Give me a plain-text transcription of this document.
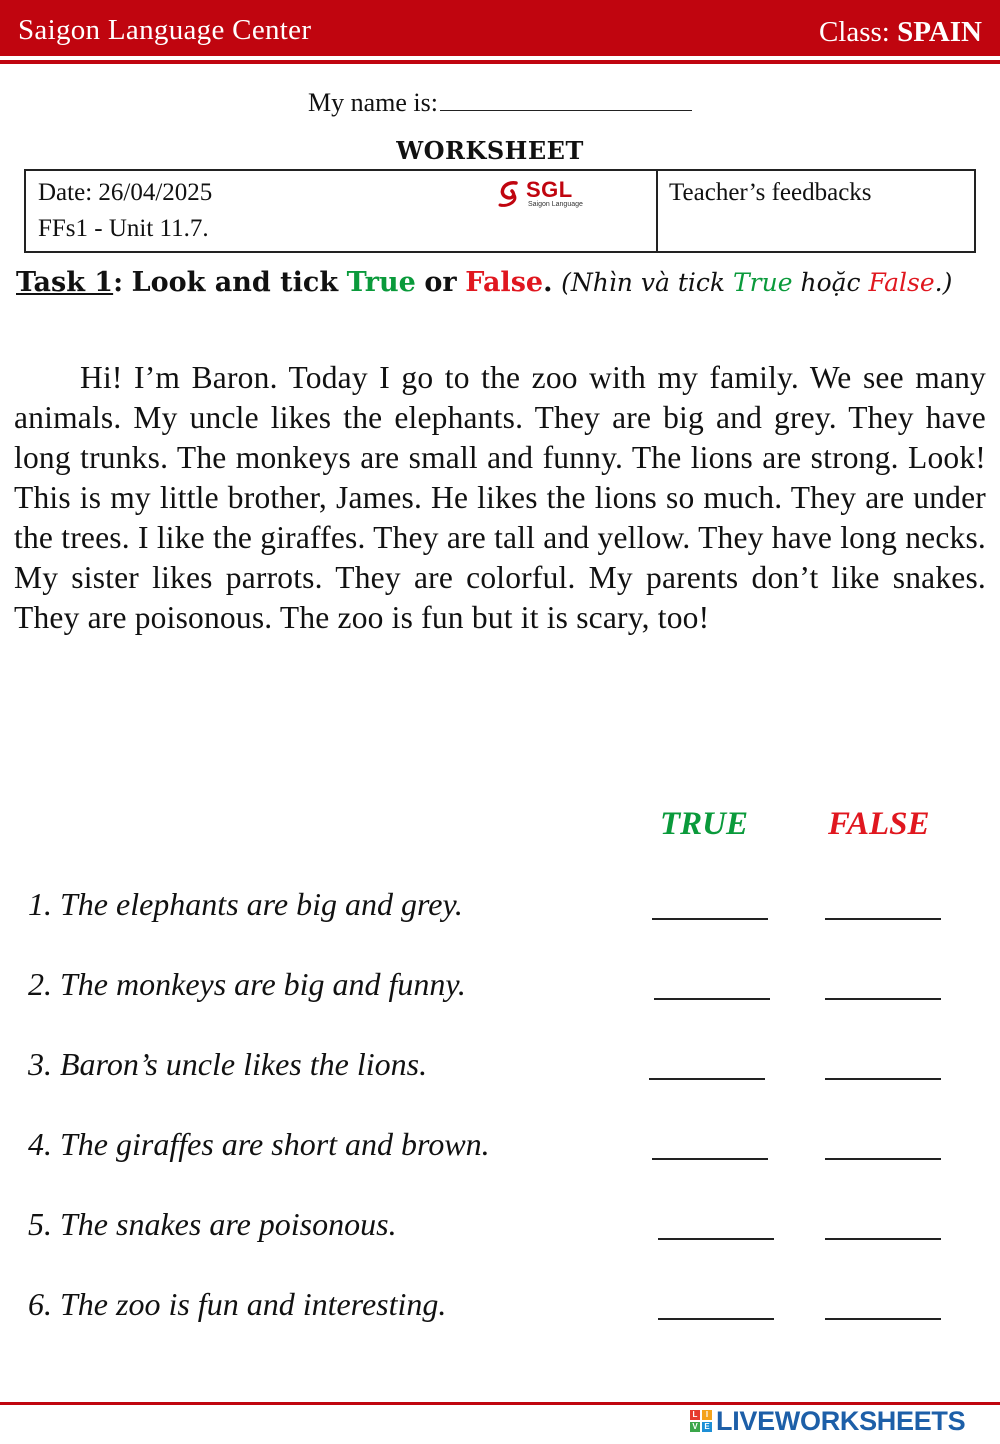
Saigon Language Center	Class: SPAIN
My name is:
WORKSHEET
Date: 26/04/2025
FFs1 - Unit 11.7.
SGL
Saigon Language	Teacher’s feedbacks
Task 1: Look and tick True or False. (Nhìn và tick True hoặc False.)
Hi! I’m Baron. Today I go to the zoo with my family. We see many animals. My uncle likes the elephants. They are big and grey. They have long trunks. The monkeys are small and funny. The lions are strong. Look! This is my little brother, James. He likes the lions so much. They are under the trees. I like the giraffes. They are tall and yellow. They have long necks. My sister likes parrots. They are colorful. My parents don’t like snakes. They are poisonous. The zoo is fun but it is scary, too!
TRUE FALSE
1. The elephants are big and grey.
2. The monkeys are big and funny.
3. Baron’s uncle likes the lions.
4. The giraffes are short and brown.
5. The snakes are poisonous.
6. The zoo is fun and interesting.
L	I
V E LIVEWORKSHEETS
